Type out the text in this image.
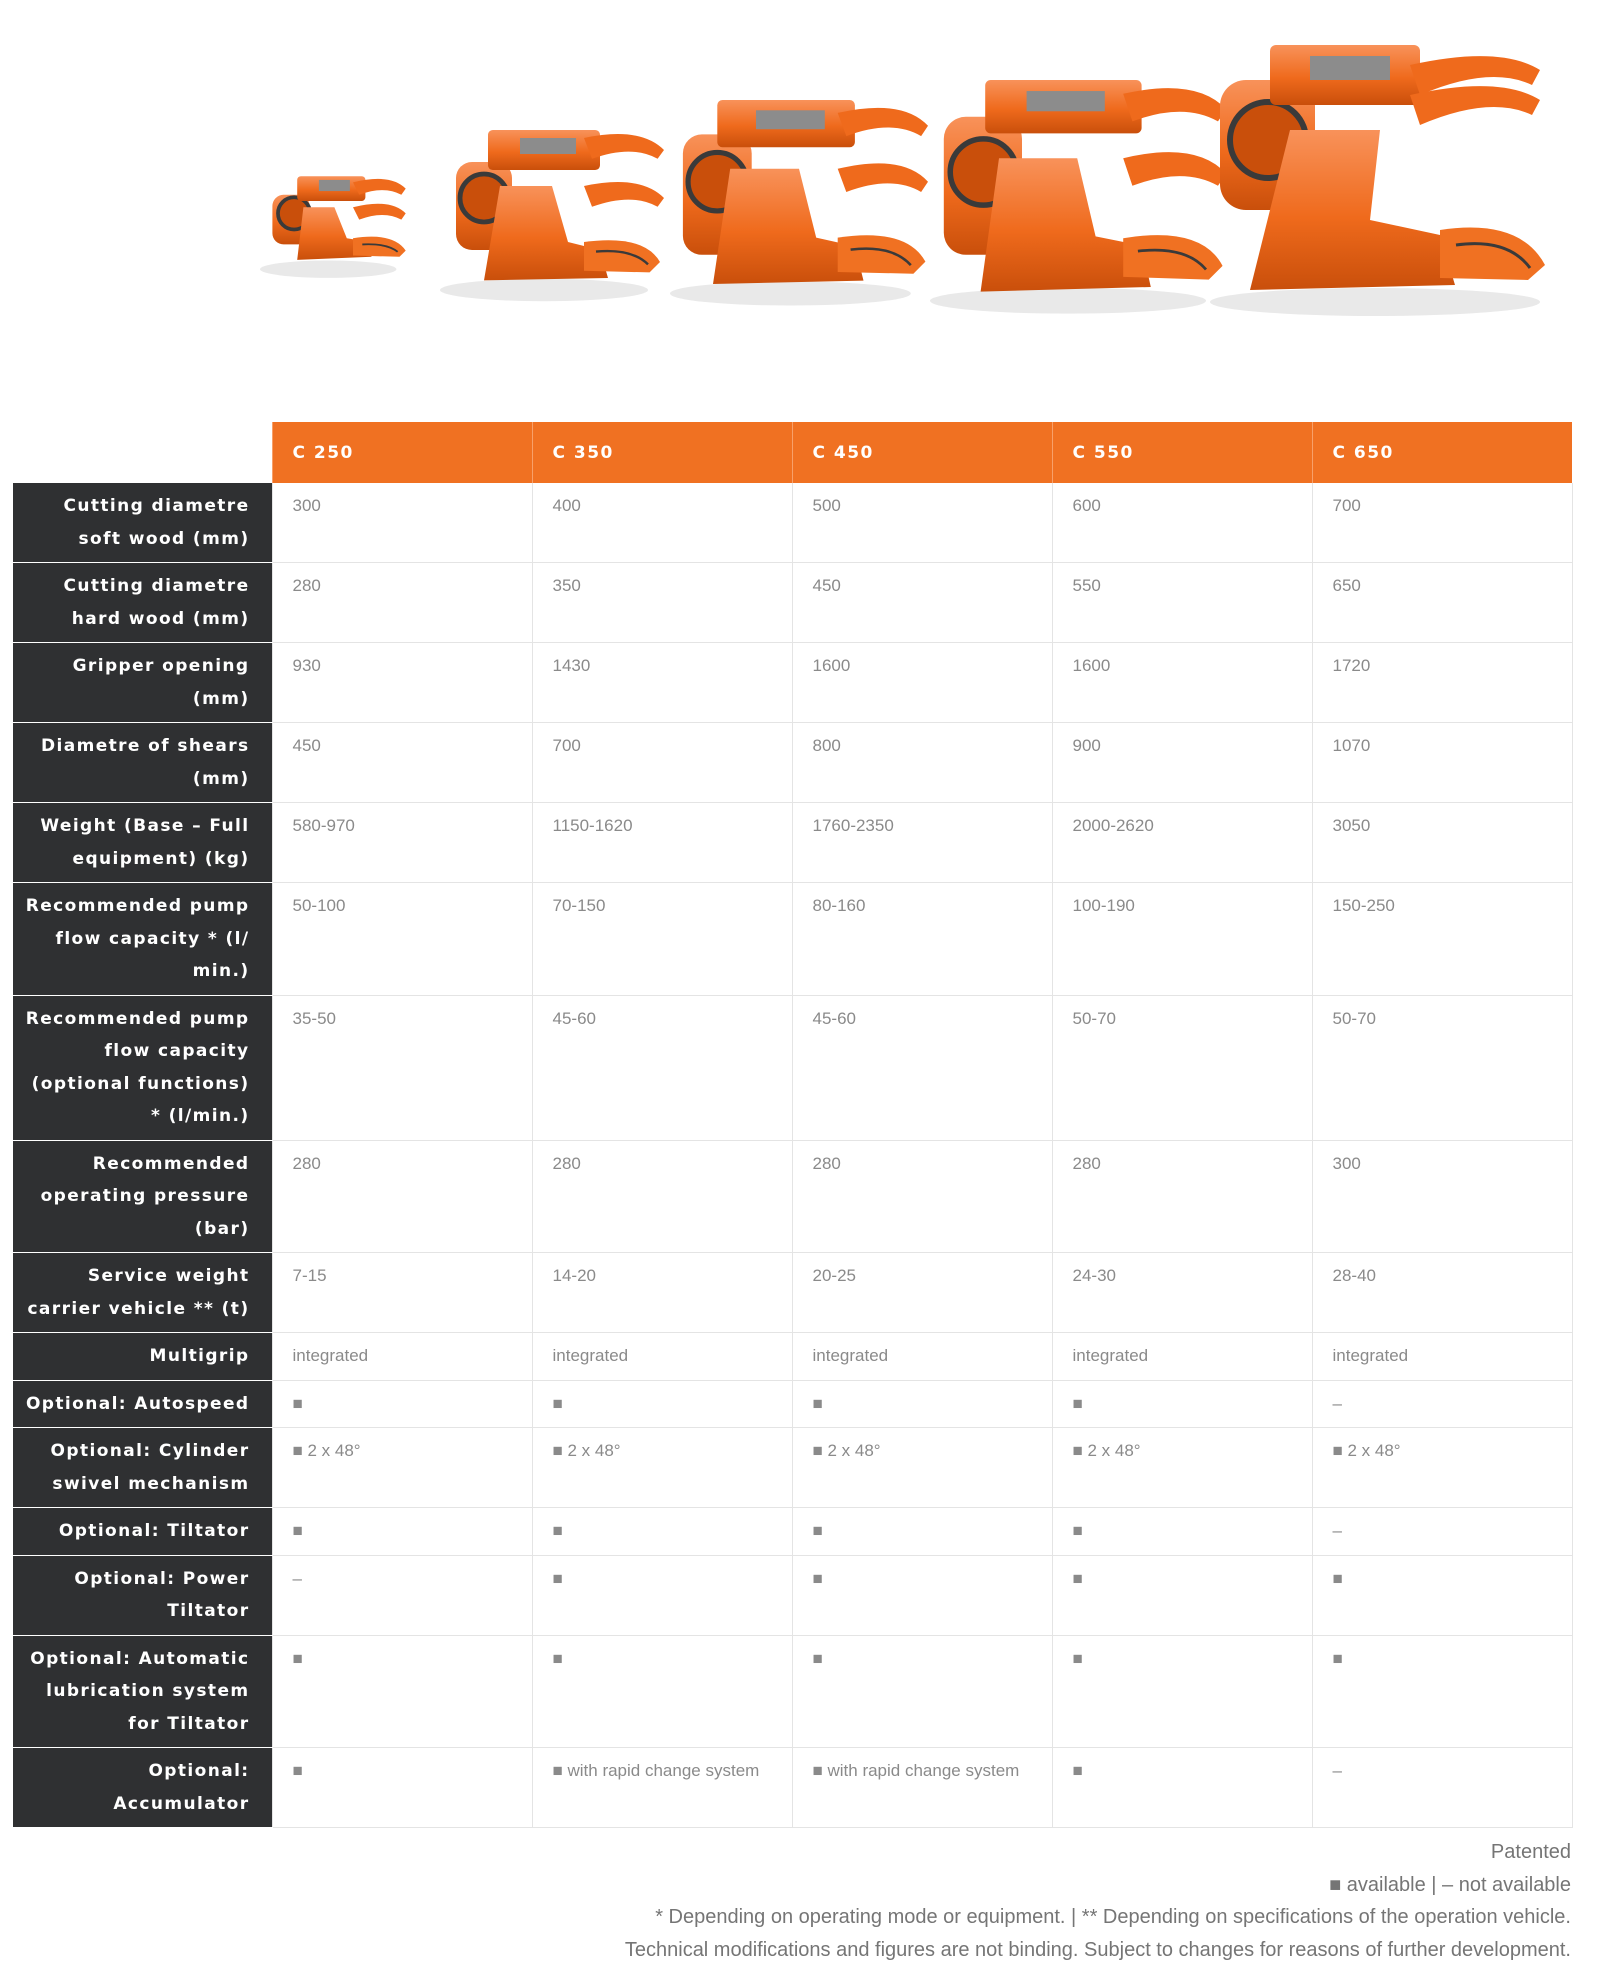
	C 250	C 350	C 450	C 550	C 650
Cutting diametre soft wood (mm)	300	400	500	600	700
Cutting diametre hard wood (mm)	280	350	450	550	650
Gripper opening (mm)	930	1430	1600	1600	1720
Diametre of shears (mm)	450	700	800	900	1070
Weight (Base – Full equipment) (kg)	580-970	1150-1620	1760-2350	2000-2620	3050
Recommended pump flow capacity * (l/ min.)	50-100	70-150	80-160	100-190	150-250
Recommended pump flow capacity (optional functions) * (l/min.)	35-50	45-60	45-60	50-70	50-70
Recommended operating pressure (bar)	280	280	280	280	300
Service weight carrier vehicle ** (t)	7-15	14-20	20-25	24-30	28-40
Multigrip	integrated	integrated	integrated	integrated	integrated
Optional: Autospeed	■	■	■	■	–
Optional: Cylinder swivel mechanism	■ 2 x 48°	■ 2 x 48°	■ 2 x 48°	■ 2 x 48°	■ 2 x 48°
Optional: Tiltator	■	■	■	■	–
Optional: Power Tiltator	–	■	■	■	■
Optional: Automatic lubrication system for Tiltator	■	■	■	■	■
Optional: Accumulator	■	■ with rapid change system	■ with rapid change system	■	–
Patented
■ available | – not available
* Depending on operating mode or equipment. | ** Depending on specifications of the operation vehicle.
Technical modifications and figures are not binding. Subject to changes for reasons of further development.
